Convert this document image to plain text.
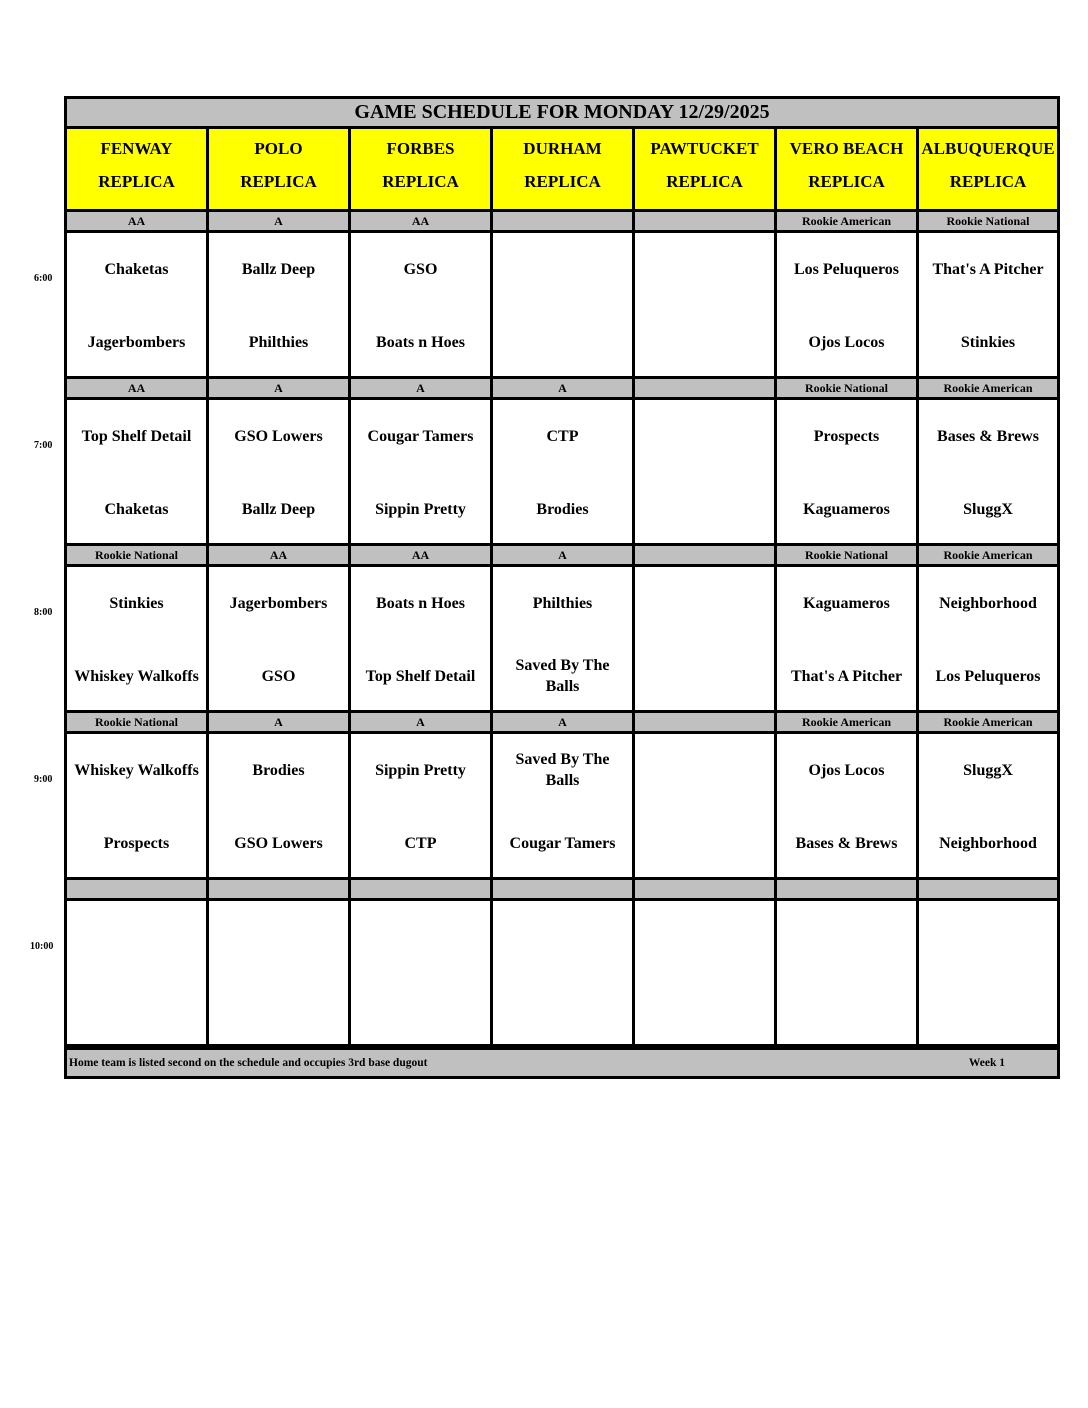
GAME SCHEDULE FOR MONDAY 12/29/2025
FENWAY
REPLICA
POLO
REPLICA
FORBES
REPLICA
DURHAM
REPLICA
PAWTUCKET
REPLICA
VERO BEACH
REPLICA
ALBUQUERQUE
REPLICA
AA
Chaketas
Jagerbombers
A
Ballz Deep
Philthies
AA
GSO
Boats n Hoes
Rookie American
Los Peluqueros
Ojos Locos
Rookie National
That's A Pitcher
Stinkies
AA
Top Shelf Detail
Chaketas
A
GSO Lowers
Ballz Deep
A
Cougar Tamers
Sippin Pretty
A
CTP
Brodies
Rookie National
Prospects
Kaguameros
Rookie American
Bases & Brews
SluggX
Rookie National
Stinkies
Whiskey Walkoffs
AA
Jagerbombers
GSO
AA
Boats n Hoes
Top Shelf Detail
A
Philthies
Saved By The Balls
Rookie National
Kaguameros
That's A Pitcher
Rookie American
Neighborhood
Los Peluqueros
Rookie National
Whiskey Walkoffs
Prospects
A
Brodies
GSO Lowers
A
Sippin Pretty
CTP
A
Saved By The Balls
Cougar Tamers
Rookie American
Ojos Locos
Bases & Brews
Rookie American
SluggX
Neighborhood
Home team is listed second on the schedule and occupies 3rd base dugout	Week 1
6:00
7:00
8:00
9:00
10:00
